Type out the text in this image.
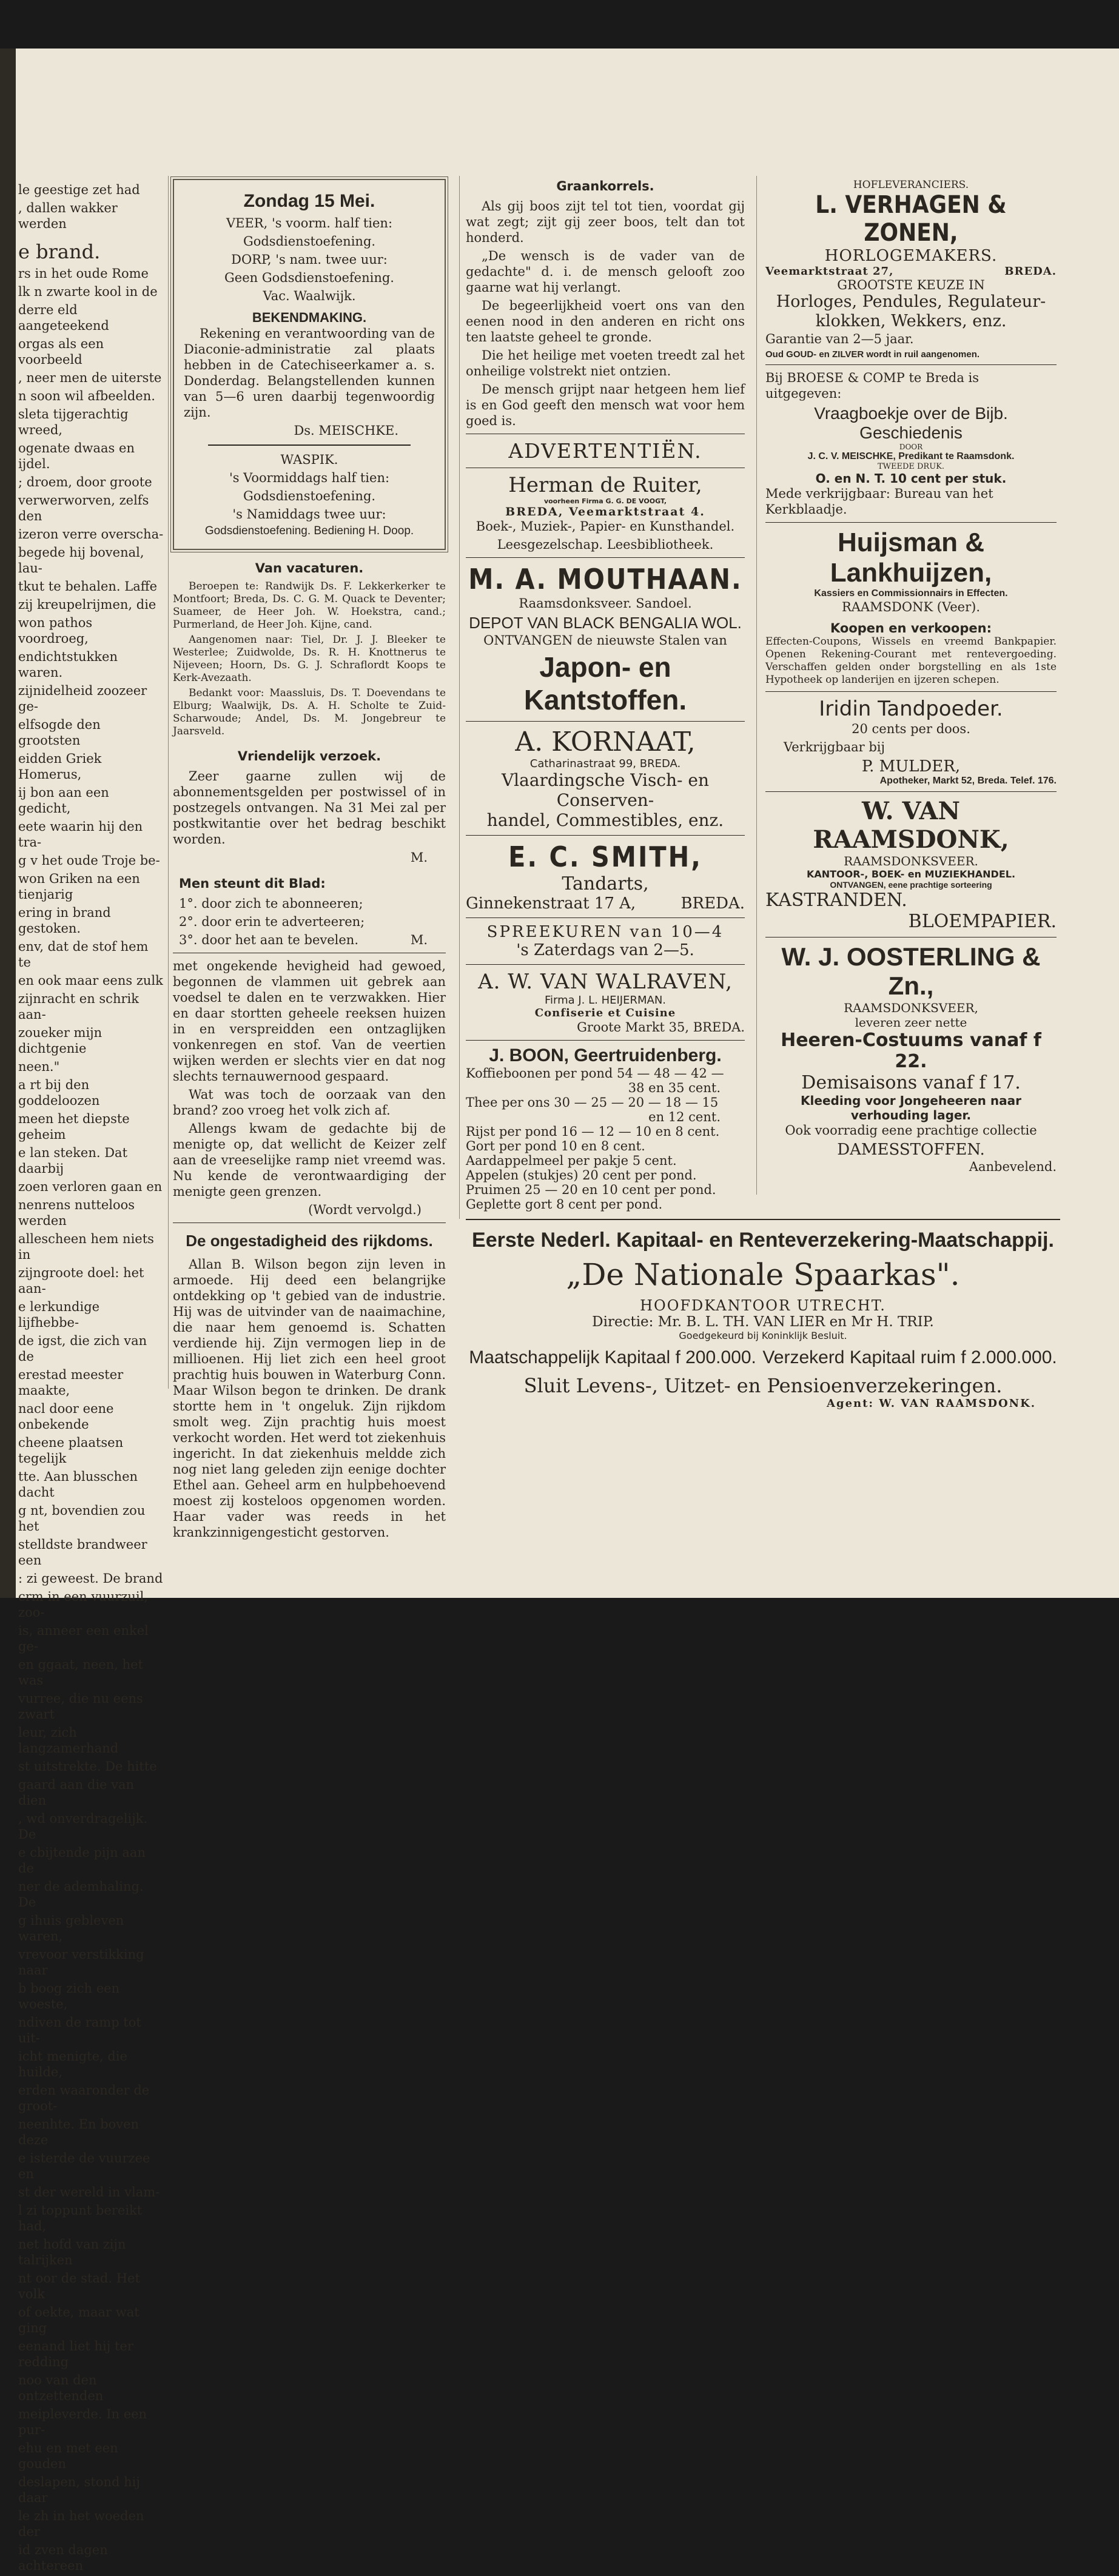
le geestige zet had
, dallen wakker werden
e brand.
rs in het oude Rome
lk n zwarte kool in de
derre eld aangeteekend
orgas als een voorbeeld
, neer men de uiterste
n soon wil afbeelden.
sleta tijgerachtig wreed,
ogenate dwaas en ijdel.
; droem, door groote
verwerworven, zelfs den
izeron verre overscha-
begede hij bovenal, lau-
tkut te behalen. Laffe
zij kreupelrijmen, die
won pathos voordroeg,
endichtstukken waren.
zijnidelheid zoozeer ge-
elfsogde den grootsten
eidden Griek Homerus,
ij bon aan een gedicht,
eete waarin hij den tra-
g v het oude Troje be-
won Griken na een tienjarig
ering in brand gestoken.
env, dat de stof hem te
en ook maar eens zulk
zijnracht en schrik aan-
zoueker mijn dichtgenie
neen."
a rt bij den goddeloozen
meen het diepste geheim
e lan steken. Dat daarbij
zoen verloren gaan en
nenrens nutteloos werden
allescheen hem niets in
zijngroote doel: het aan-
e lerkundige lijfhebbe-
de igst, die zich van de
erestad meester maakte,
nacl door eene onbekende
cheene plaatsen tegelijk
tte. Aan blusschen dacht
g nt, bovendien zou het
stelldste brandweer een
: zi geweest. De brand
crm in een vuurzuil, zoo-
is, anneer een enkel ge-
en ggaat, neen, het was
vurree, die nu eens zwart
leur, zich langzamerhand
st uitstrekte. De hitte
gaard aan die van dien
, wd onverdragelijk. De
e cbijtende pijn aan de
ner de ademhaling. De
g ihuis gebleven waren,
vrevoor verstikking naar
b boog zich een woeste,
ndiven de ramp tot uit-
icht menigte, die huilde,
erden waaronder de groot-
neenhte. En boven deze
e isterde de vuurzee en
st der wereld in vlam-
l zi toppunt bereikt had,
net hofd van zijn talrijken
nt oor de stad. Het volk
of oekte, maar wat ging
eenand liet hij ter redding
noo van den ontzettenden
meipleverde. In een pur-
ehu en met een gouden
deslapen, stond hij daar
le zh in het woeden der
id zven dagen achtereen
Zondag 15 Mei.
VEER, 's voorm. half tien:
Godsdienstoefening.
DORP, 's nam. twee uur:
Geen Godsdienstoefening.
Vac. Waalwijk.
BEKENDMAKING.
Rekening en verantwoording van de Diaconie-administratie zal plaats hebben in de Catechiseerkamer a. s. Donderdag. Belangstellenden kunnen van 5—6 uren daarbij tegenwoordig zijn.
Ds. MEISCHKE.
WASPIK.
's Voormiddags half tien:
Godsdienstoefening.
's Namiddags twee uur:
Godsdienstoefening. Bediening H. Doop.
Van vacaturen.
Beroepen te: Randwijk Ds. F. Lekkerkerker te Montfoort; Breda, Ds. C. G. M. Quack te Deventer; Suameer, de Heer Joh. W. Hoekstra, cand.; Purmerland, de Heer Joh. Kijne, cand.
Aangenomen naar: Tiel, Dr. J. J. Bleeker te Westerlee; Zuidwolde, Ds. R. H. Knottnerus te Nijeveen; Hoorn, Ds. G. J. Schraflordt Koops te Kerk-Avezaath.
Bedankt voor: Maassluis, Ds. T. Doevendans te Elburg; Waalwijk, Ds. A. H. Scholte te Zuid-Scharwoude; Andel, Ds. M. Jongebreur te Jaarsveld.
Vriendelijk verzoek.
Zeer gaarne zullen wij de abonnementsgelden per postwissel of in postzegels ontvangen. Na 31 Mei zal per postkwitantie over het bedrag beschikt worden.
M.
Men steunt dit Blad:
1°. door zich te abonneeren;
2°. door erin te adverteeren;
3°. door het aan te bevelen.	M.
met ongekende hevigheid had gewoed, begonnen de vlammen uit gebrek aan voedsel te dalen en te verzwakken. Hier en daar stortten geheele reeksen huizen in en verspreidden een ontzaglijken vonkenregen en stof. Van de veertien wijken werden er slechts vier en dat nog slechts ternauwernood gespaard.
Wat was toch de oorzaak van den brand? zoo vroeg het volk zich af.
Allengs kwam de gedachte bij de menigte op, dat wellicht de Keizer zelf aan de vreeselijke ramp niet vreemd was. Nu kende de verontwaardiging der menigte geen grenzen.
(Wordt vervolgd.)
De ongestadigheid des rijkdoms.
Allan B. Wilson begon zijn leven in armoede. Hij deed een belangrijke ontdekking op 't gebied van de industrie. Hij was de uitvinder van de naaimachine, die naar hem genoemd is. Schatten verdiende hij. Zijn vermogen liep in de millioenen. Hij liet zich een heel groot prachtig huis bouwen in Waterburg Conn. Maar Wilson begon te drinken. De drank stortte hem in 't ongeluk. Zijn rijkdom smolt weg. Zijn prachtig huis moest verkocht worden. Het werd tot ziekenhuis ingericht. In dat ziekenhuis meldde zich nog niet lang geleden zijn eenige dochter Ethel aan. Geheel arm en hulpbehoevend moest zij kosteloos opgenomen worden. Haar vader was reeds in het krankzinnigengesticht gestorven.
Graankorrels.
Als gij boos zijt tel tot tien, voordat gij wat zegt; zijt gij zeer boos, telt dan tot honderd.
„De wensch is de vader van de gedachte" d. i. de mensch gelooft zoo gaarne wat hij verlangt.
De begeerlijkheid voert ons van den eenen nood in den anderen en richt ons ten laatste geheel te gronde.
Die het heilige met voeten treedt zal het onheilige volstrekt niet ontzien.
De mensch grijpt naar hetgeen hem lief is en God geeft den mensch wat voor hem goed is.
ADVERTENTIËN.
Herman de Ruiter,
voorheen Firma G. G. DE VOOGT,
BREDA, Veemarktstraat 4.
Boek-, Muziek-, Papier- en Kunsthandel.
Leesgezelschap. Leesbibliotheek.
M. A. MOUTHAAN.
Raamsdonksveer. Sandoel.
DEPOT VAN BLACK BENGALIA WOL.
ONTVANGEN de nieuwste Stalen van
Japon- en Kantstoffen.
A. KORNAAT,
Catharinastraat 99, BREDA.
Vlaardingsche Visch- en Conserven-
handel, Commestibles, enz.
E. C. SMITH,
Tandarts,
Ginnekenstraat 17 A,	BREDA.
SPREEKUREN van 10—4
's Zaterdags van 2—5.
A. W. VAN WALRAVEN,
Firma J. L. HEIJERMAN.
Confiserie et Cuisine
Groote Markt 35, BREDA.
J. BOON, Geertruidenberg.
Koffieboonen per pond 54 — 48 — 42 —
38 en 35 cent.
Thee per ons 30 — 25 — 20 — 18 — 15
en 12 cent.
Rijst per pond 16 — 12 — 10 en 8 cent.
Gort per pond 10 en 8 cent.
Aardappelmeel per pakje 5 cent.
Appelen (stukjes) 20 cent per pond.
Pruimen 25 — 20 en 10 cent per pond.
Geplette gort 8 cent per pond.
HOFLEVERANCIERS.
L. VERHAGEN & ZONEN,
HORLOGEMAKERS.
Veemarktstraat 27,	BREDA.
GROOTSTE KEUZE IN
Horloges, Pendules, Regulateur-klokken, Wekkers, enz.
Garantie van 2—5 jaar.
Oud GOUD- en ZILVER wordt in ruil aangenomen.
Bij BROESE & COMP te Breda is uitgegeven:
Vraagboekje over de Bijb. Geschiedenis
DOOR
J. C. V. MEISCHKE, Predikant te Raamsdonk.
TWEEDE DRUK.
O. en N. T. 10 cent per stuk.
Mede verkrijgbaar: Bureau van het Kerkblaadje.
Huijsman & Lankhuijzen,
Kassiers en Commissionnairs in Effecten.
RAAMSDONK (Veer).
Koopen en verkoopen:
Effecten-Coupons, Wissels en vreemd Bankpapier. Openen Rekening-Courant met rentevergoeding. Verschaffen gelden onder borgstelling en als 1ste Hypotheek op landerijen en ijzeren schepen.
Iridin Tandpoeder.
20 cents per doos.
Verkrijgbaar bij
P. MULDER,
Apotheker, Markt 52, Breda. Telef. 176.
W. VAN RAAMSDONK,
RAAMSDONKSVEER.
KANTOOR-, BOEK- en MUZIEKHANDEL.
ONTVANGEN, eene prachtige sorteering
KASTRANDEN.
BLOEMPAPIER.
W. J. OOSTERLING & Zn.,
RAAMSDONKSVEER,
leveren zeer nette
Heeren-Costuums vanaf f 22.
Demisaisons vanaf f 17.
Kleeding voor Jongeheeren naar verhouding lager.
Ook voorradig eene prachtige collectie
DAMESSTOFFEN.
Aanbevelend.
Eerste Nederl. Kapitaal- en Renteverzekering-Maatschappij.
„De Nationale Spaarkas".
HOOFDKANTOOR UTRECHT.
Directie: Mr. B. L. TH. VAN LIER en Mr H. TRIP.
Goedgekeurd bij Koninklijk Besluit.
Maatschappelijk Kapitaal f 200.000. Verzekerd Kapitaal ruim f 2.000.000.
Sluit Levens-, Uitzet- en Pensioenverzekeringen.
Agent: W. VAN RAAMSDONK.
